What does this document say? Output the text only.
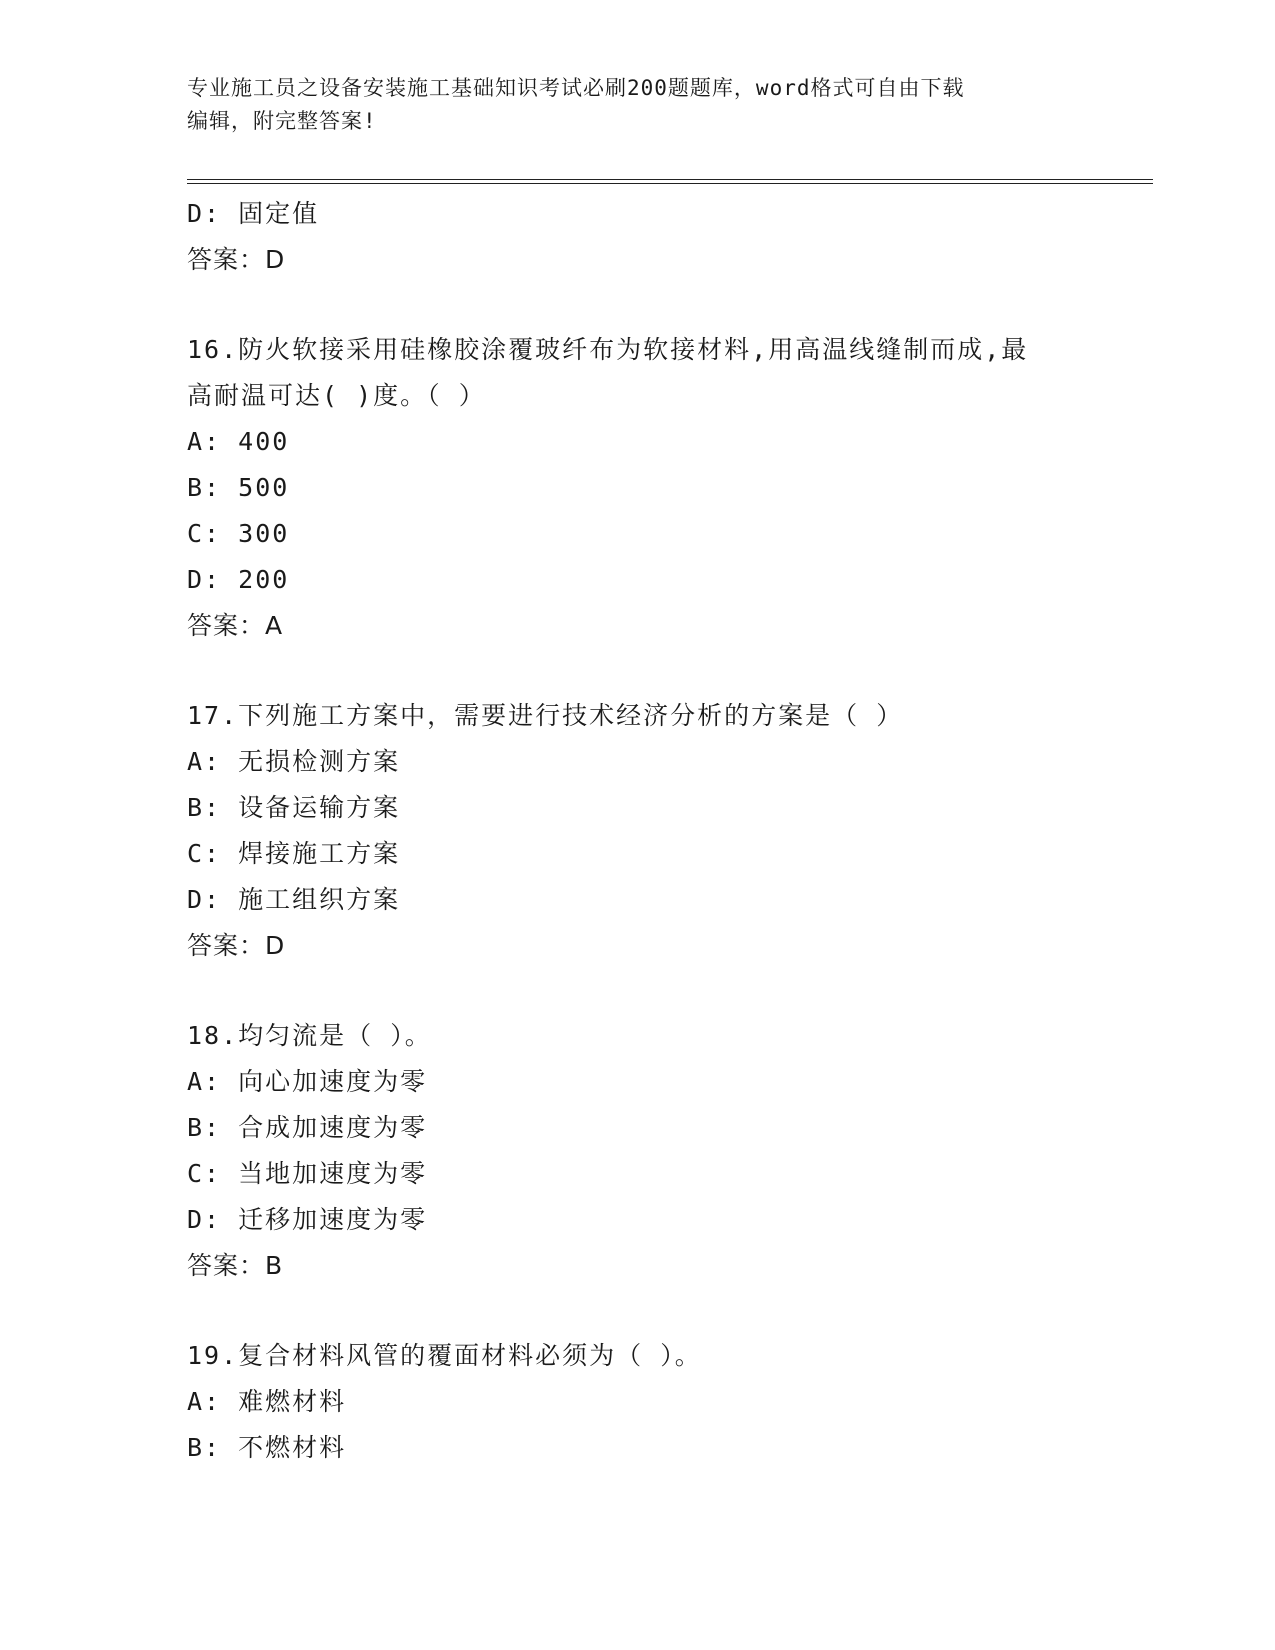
专业施工员之设备安装施工基础知识考试必刷200题题库，word格式可自由下载
编辑，附完整答案!
D: 固定值
答案：D
16.防火软接采用硅橡胶涂覆玻纤布为软接材料,用高温线缝制而成,最
高耐温可达( )度。（ ）
A: 400
B: 500
C: 300
D: 200
答案：A
17.下列施工方案中，需要进行技术经济分析的方案是（ ）
A: 无损检测方案
B: 设备运输方案
C: 焊接施工方案
D: 施工组织方案
答案：D
18.均匀流是（ ）。
A: 向心加速度为零
B: 合成加速度为零
C: 当地加速度为零
D: 迁移加速度为零
答案：B
19.复合材料风管的覆面材料必须为（ ）。
A: 难燃材料
B: 不燃材料
